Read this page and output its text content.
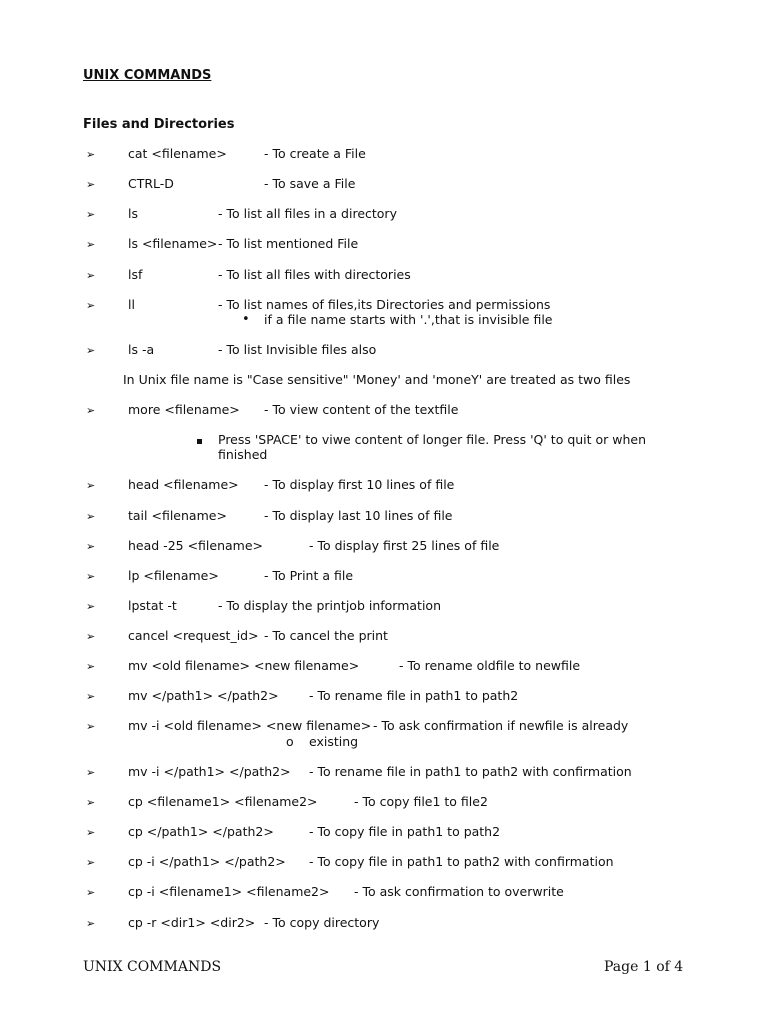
UNIX COMMANDS
Files and Directories
➢	cat <filename>	- To create a File
➢	CTRL-D	- To save a File
➢	ls	- To list all files in a directory
➢	ls <filename> - To list mentioned File
➢	lsf	- To list all files with directories
➢	ll	- To list names of files,its Directories and permissions
• if a file name starts with '.',that is invisible file
➢	ls -a	- To list Invisible files also
In Unix file name is "Case sensitive" 'Money' and 'moneY' are treated as two files
➢	more <filename> - To view content of the textfile
Press 'SPACE' to viwe content of longer file. Press 'Q' to quit or when finished
➢	head <filename> - To display first 10 lines of file
➢	tail <filename>	- To display last 10 lines of file
➢	head -25 <filename>	- To display first 25 lines of file
➢	lp <filename>	- To Print a file
➢	lpstat -t	- To display the printjob information
➢	cancel <request_id> - To cancel the print
➢	mv <old filename> <new filename>	- To rename oldfile to newfile
➢	mv </path1> </path2> - To rename file in path1 to path2
➢	mv -i <old filename> <new filename> - To ask confirmation if newfile is already
o existing
➢	mv -i </path1> </path2> - To rename file in path1 to path2 with confirmation
➢	cp <filename1> <filename2>	- To copy file1 to file2
➢	cp </path1> </path2>	- To copy file in path1 to path2
➢	cp -i </path1> </path2> - To copy file in path1 to path2 with confirmation
➢	cp -i <filename1> <filename2> - To ask confirmation to overwrite
➢	cp -r <dir1> <dir2> - To copy directory
UNIX COMMANDS	Page 1 of 4
